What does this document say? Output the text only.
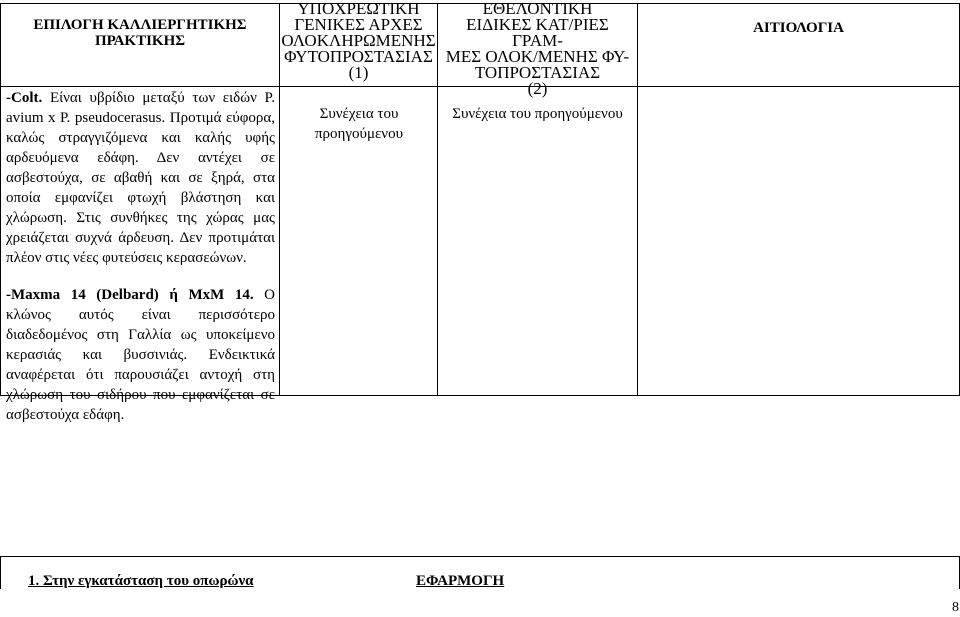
ΕΠΙΛΟΓΗ ΚΑΛΛΙΕΡΓΗΤΙΚΗΣ ΠΡΑΚΤΙΚΗΣ
ΥΠΟΧΡΕΩΤΙΚΗ
ΓΕΝΙΚΕΣ ΑΡΧΕΣ
ΟΛΟΚΛΗΡΩΜΕΝΗΣ
ΦΥΤΟΠΡΟΣΤΑΣΙΑΣ
(1)
ΕΘΕΛΟΝΤΙΚΗ
ΕΙΔΙΚΕΣ ΚΑΤ/ΡΙΕΣ ΓΡΑΜ-
ΜΕΣ ΟΛΟΚ/ΜΕΝΗΣ ΦΥ-
ΤΟΠΡΟΣΤΑΣΙΑΣ
(2)
ΑΙΤΙΟΛΟΓΙΑ

-Colt. Είναι υβρίδιο μεταξύ των ειδών P. avium x P. pseudocerasus. Προτιμά εύφορα, καλώς στραγγιζόμενα και καλής υφής αρδευόμενα εδάφη. Δεν αντέχει σε ασβεστούχα, σε αβαθή και σε ξηρά, στα οποία εμφανίζει φτωχή βλάστηση και χλώρωση. Στις συνθήκες της χώρας μας χρειάζεται συχνά άρδευση. Δεν προτιμάται πλέον στις νέες φυτεύσεις κερασεώνων.

-Maxma 14 (Delbard) ή MxM 14. Ο κλώνος αυτός είναι περισσότερο διαδεδομένος στη Γαλλία ως υποκείμενο κερασιάς και βυσσινιάς. Ενδεικτικά αναφέρεται ότι παρουσιάζει αντοχή στη χλώρωση του σιδήρου που εμφανίζεται σε ασβεστούχα εδάφη.

Συνέχεια του προηγούμενου
Συνέχεια του προηγούμενου
1. Στην εγκατάσταση του οπωρώνα	ΕΦΑΡΜΟΓΗ
8
